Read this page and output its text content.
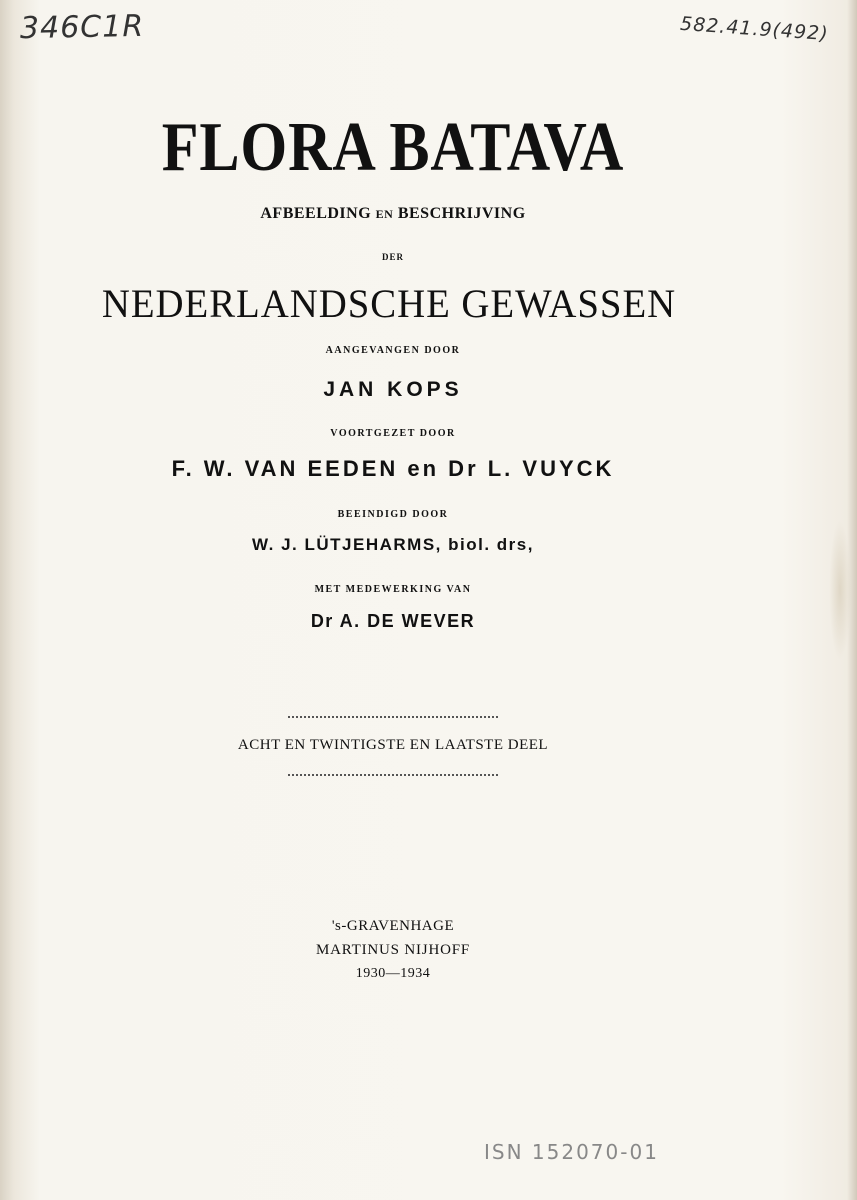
346C1R	582.41.9(492)
FLORA BATAVA
AFBEELDING EN BESCHRIJVING
DER
NEDERLANDSCHE GEWASSEN
AANGEVANGEN DOOR
JAN KOPS
VOORTGEZET DOOR
F. W. VAN EEDEN en Dr L. VUYCK
BEEINDIGD DOOR
W. J. LÜTJEHARMS, biol. drs,
MET MEDEWERKING VAN
Dr A. DE WEVER
ACHT EN TWINTIGSTE EN LAATSTE DEEL
's-GRAVENHAGE
MARTINUS NIJHOFF
1930—1934
ISN 152070-01
